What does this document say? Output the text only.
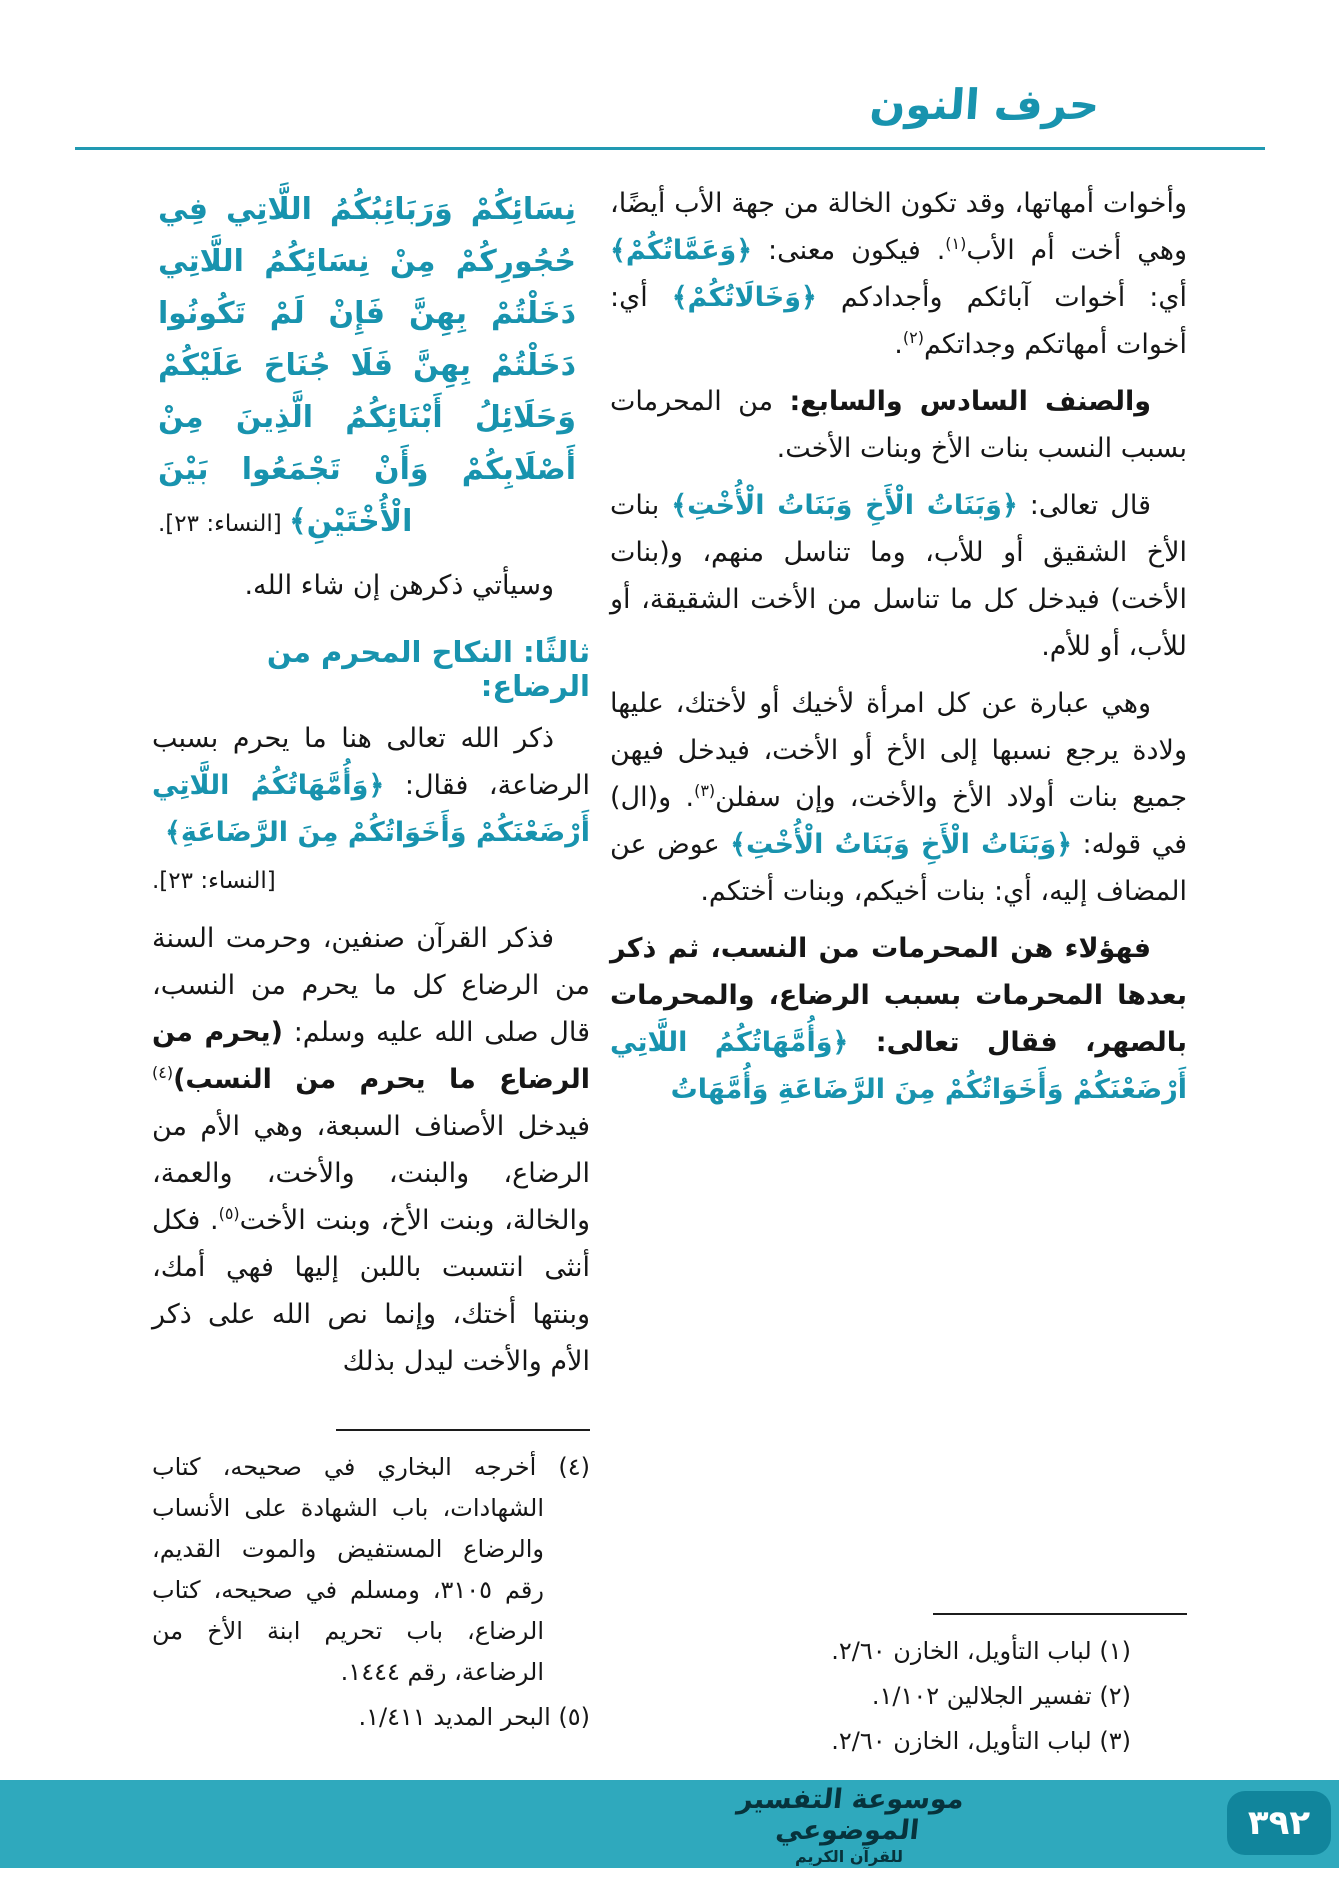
حرف النون

وأخوات أمهاتها، وقد تكون الخالة من جهة الأب أيضًا، وهي أخت أم الأب$^{(١)}$. فيكون معنى: ﴿وَعَمَّاتُكُمْ﴾ أي: أخوات آبائكم وأجدادكم ﴿وَخَالَاتُكُمْ﴾ أي: أخوات أمهاتكم وجداتكم$^{(٢)}$.

والصنف السادس والسابع: من المحرمات بسبب النسب بنات الأخ وبنات الأخت.

قال تعالى: ﴿وَبَنَاتُ الْأَخِ وَبَنَاتُ الْأُخْتِ﴾ بنات الأخ الشقيق أو للأب، وما تناسل منهم، و(بنات الأخت) فيدخل كل ما تناسل من الأخت الشقيقة، أو للأب، أو للأم.

وهي عبارة عن كل امرأة لأخيك أو لأختك، عليها ولادة يرجع نسبها إلى الأخ أو الأخت، فيدخل فيهن جميع بنات أولاد الأخ والأخت، وإن سفلن$^{(٣)}$. و(ال) في قوله: ﴿وَبَنَاتُ الْأَخِ وَبَنَاتُ الْأُخْتِ﴾ عوض عن المضاف إليه، أي: بنات أخيكم، وبنات أختكم.

فهؤلاء هن المحرمات من النسب، ثم ذكر بعدها المحرمات بسبب الرضاع، والمحرمات بالصهر، فقال تعالى: ﴿وَأُمَّهَاتُكُمُ اللَّاتِي أَرْضَعْنَكُمْ وَأَخَوَاتُكُمْ مِنَ الرَّضَاعَةِ وَأُمَّهَاتُ

(١) لباب التأويل، الخازن ٢/٦٠.

(٢) تفسير الجلالين ١/١٠٢.

(٣) لباب التأويل، الخازن ٢/٦٠.

نِسَائِكُمْ وَرَبَائِبُكُمُ اللَّاتِي فِي حُجُورِكُمْ مِنْ نِسَائِكُمُ اللَّاتِي دَخَلْتُمْ بِهِنَّ فَإِنْ لَمْ تَكُونُوا دَخَلْتُمْ بِهِنَّ فَلَا جُنَاحَ عَلَيْكُمْ وَحَلَائِلُ أَبْنَائِكُمُ الَّذِينَ مِنْ أَصْلَابِكُمْ وَأَنْ تَجْمَعُوا بَيْنَ الْأُخْتَيْنِ﴾ [النساء: ٢٣].

وسيأتي ذكرهن إن شاء الله.

ثالثًا: النكاح المحرم من الرضاع:

ذكر الله تعالى هنا ما يحرم بسبب الرضاعة، فقال: ﴿وَأُمَّهَاتُكُمُ اللَّاتِي أَرْضَعْنَكُمْ وَأَخَوَاتُكُمْ مِنَ الرَّضَاعَةِ﴾
[النساء: ٢٣].

فذكر القرآن صنفين، وحرمت السنة من الرضاع كل ما يحرم من النسب، قال صلى الله عليه وسلم: (يحرم من الرضاع ما يحرم من النسب)$^{(٤)}$ فيدخل الأصناف السبعة، وهي الأم من الرضاع، والبنت، والأخت، والعمة، والخالة، وبنت الأخ، وبنت الأخت$^{(٥)}$. فكل أنثى انتسبت باللبن إليها فهي أمك، وبنتها أختك، وإنما نص الله على ذكر الأم والأخت ليدل بذلك

(٤) أخرجه البخاري في صحيحه، كتاب الشهادات، باب الشهادة على الأنساب والرضاع المستفيض والموت القديم، رقم ٣١٠٥، ومسلم في صحيحه، كتاب الرضاع، باب تحريم ابنة الأخ من الرضاعة، رقم ١٤٤٤.

(٥) البحر المديد ١/٤١١.

موسوعة التفسير الموضوعي
للقرآن الكريم
٣٩٢
